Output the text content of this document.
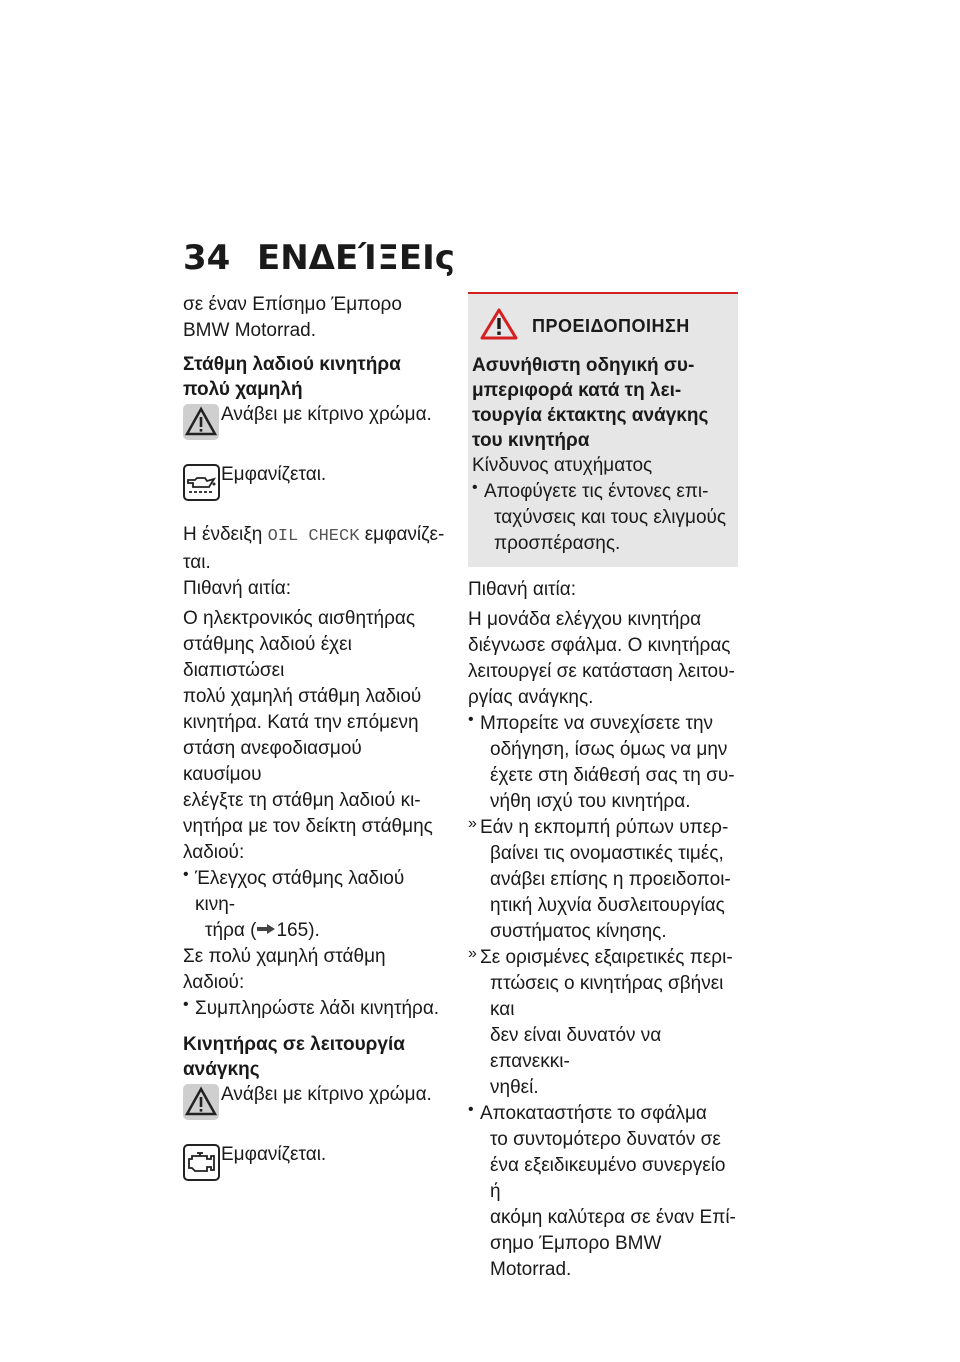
34 ΕΝΔΕΊΞΕΙς

σε έναν Επίσημο Έμπορο

BMW Motorrad.

Στάθμη λαδιού κινητήρα

πολύ χαμηλή

Ανάβει με κίτρινο χρώμα.
Εμφανίζεται.

Η ένδειξη OIL CHECK εμφανίζε-

ται.

Πιθανή αιτία:

Ο ηλεκτρονικός αισθητήρας

στάθμης λαδιού έχει διαπιστώσει

πολύ χαμηλή στάθμη λαδιού

κινητήρα. Κατά την επόμενη

στάση ανεφοδιασμού καυσίμου

ελέγξτε τη στάθμη λαδιού κι-

νητήρα με τον δείκτη στάθμης

λαδιού:

• Έλεγχος στάθμης λαδιού κινη-

τήρα ( 165).

Σε πολύ χαμηλή στάθμη λαδιού:

• Συμπληρώστε λάδι κινητήρα.

Κινητήρας σε λειτουργία

ανάγκης

Ανάβει με κίτρινο χρώμα.
Εμφανίζεται.
ΠΡΟΕΙΔΟΠΟΙΗΣΗ

Ασυνήθιστη οδηγική συ-

μπεριφορά κατά τη λει-

τουργία έκτακτης ανάγκης

του κινητήρα

Κίνδυνος ατυχήματος

• Αποφύγετε τις έντονες επι-

ταχύνσεις και τους ελιγμούς

προσπέρασης.

Πιθανή αιτία:

Η μονάδα ελέγχου κινητήρα

διέγνωσε σφάλμα. Ο κινητήρας

λειτουργεί σε κατάσταση λειτου-

ργίας ανάγκης.

• Μπορείτε να συνεχίσετε την

οδήγηση, ίσως όμως να μην

έχετε στη διάθεσή σας τη συ-

νήθη ισχύ του κινητήρα.

» Εάν η εκπομπή ρύπων υπερ-

βαίνει τις ονομαστικές τιμές,

ανάβει επίσης η προειδοποι-

ητική λυχνία δυσλειτουργίας

συστήματος κίνησης.

» Σε ορισμένες εξαιρετικές περι-

πτώσεις ο κινητήρας σβήνει και

δεν είναι δυνατόν να επανεκκι-

νηθεί.

• Αποκαταστήστε το σφάλμα

το συντομότερο δυνατόν σε

ένα εξειδικευμένο συνεργείο ή

ακόμη καλύτερα σε έναν Επί-

σημο Έμπορο BMW Motorrad.
